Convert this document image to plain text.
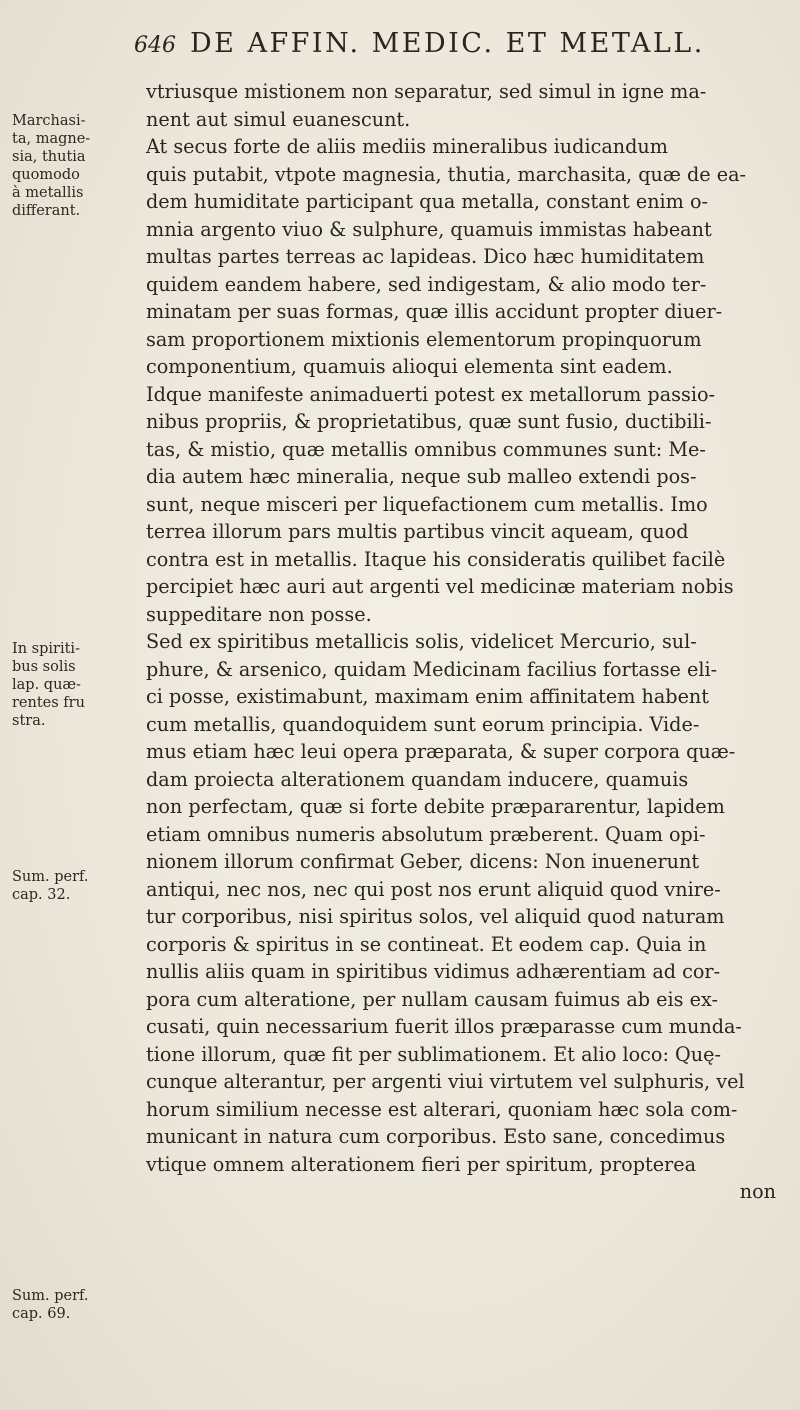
646 DE AFFIN. MEDIC. ET METALL.
Marchasi-
ta, magne-
sia, thutia
quomodo
à metallis
differant.
In spiriti-
bus solis
lap. quæ-
rentes fru
stra.
Sum. perf.
cap. 32.
Sum. perf.
cap. 69.
vtriusque mistionem non separatur, sed simul in igne ma-
nent aut simul euanescunt.
At secus forte de aliis mediis mineralibus iudicandum
quis putabit, vtpote magnesia, thutia, marchasita, quæ de ea-
dem humiditate participant qua metalla, constant enim o-
mnia argento viuo & sulphure, quamuis immistas habeant
multas partes terreas ac lapideas. Dico hæc humiditatem
quidem eandem habere, sed indigestam, & alio modo ter-
minatam per suas formas, quæ illis accidunt propter diuer-
sam proportionem mixtionis elementorum propinquorum
componentium, quamuis alioqui elementa sint eadem.
Idque manifeste animaduerti potest ex metallorum passio-
nibus propriis, & proprietatibus, quæ sunt fusio, ductibili-
tas, & mistio, quæ metallis omnibus communes sunt: Me-
dia autem hæc mineralia, neque sub malleo extendi pos-
sunt, neque misceri per liquefactionem cum metallis. Imo
terrea illorum pars multis partibus vincit aqueam, quod
contra est in metallis. Itaque his consideratis quilibet facilè
percipiet hæc auri aut argenti vel medicinæ materiam nobis
suppeditare non posse.
Sed ex spiritibus metallicis solis, videlicet Mercurio, sul-
phure, & arsenico, quidam Medicinam facilius fortasse eli-
ci posse, existimabunt, maximam enim affinitatem habent
cum metallis, quandoquidem sunt eorum principia. Vide-
mus etiam hæc leui opera præparata, & super corpora quæ-
dam proiecta alterationem quandam inducere, quamuis
non perfectam, quæ si forte debite præpararentur, lapidem
etiam omnibus numeris absolutum præberent. Quam opi-
nionem illorum confirmat Geber, dicens: Non inuenerunt
antiqui, nec nos, nec qui post nos erunt aliquid quod vnire-
tur corporibus, nisi spiritus solos, vel aliquid quod naturam
corporis & spiritus in se contineat. Et eodem cap. Quia in
nullis aliis quam in spiritibus vidimus adhærentiam ad cor-
pora cum alteratione, per nullam causam fuimus ab eis ex-
cusati, quin necessarium fuerit illos præparasse cum munda-
tione illorum, quæ fit per sublimationem. Et alio loco: Quę-
cunque alterantur, per argenti viui virtutem vel sulphuris, vel
horum similium necesse est alterari, quoniam hæc sola com-
municant in natura cum corporibus. Esto sane, concedimus
vtique omnem alterationem fieri per spiritum, propterea
non
